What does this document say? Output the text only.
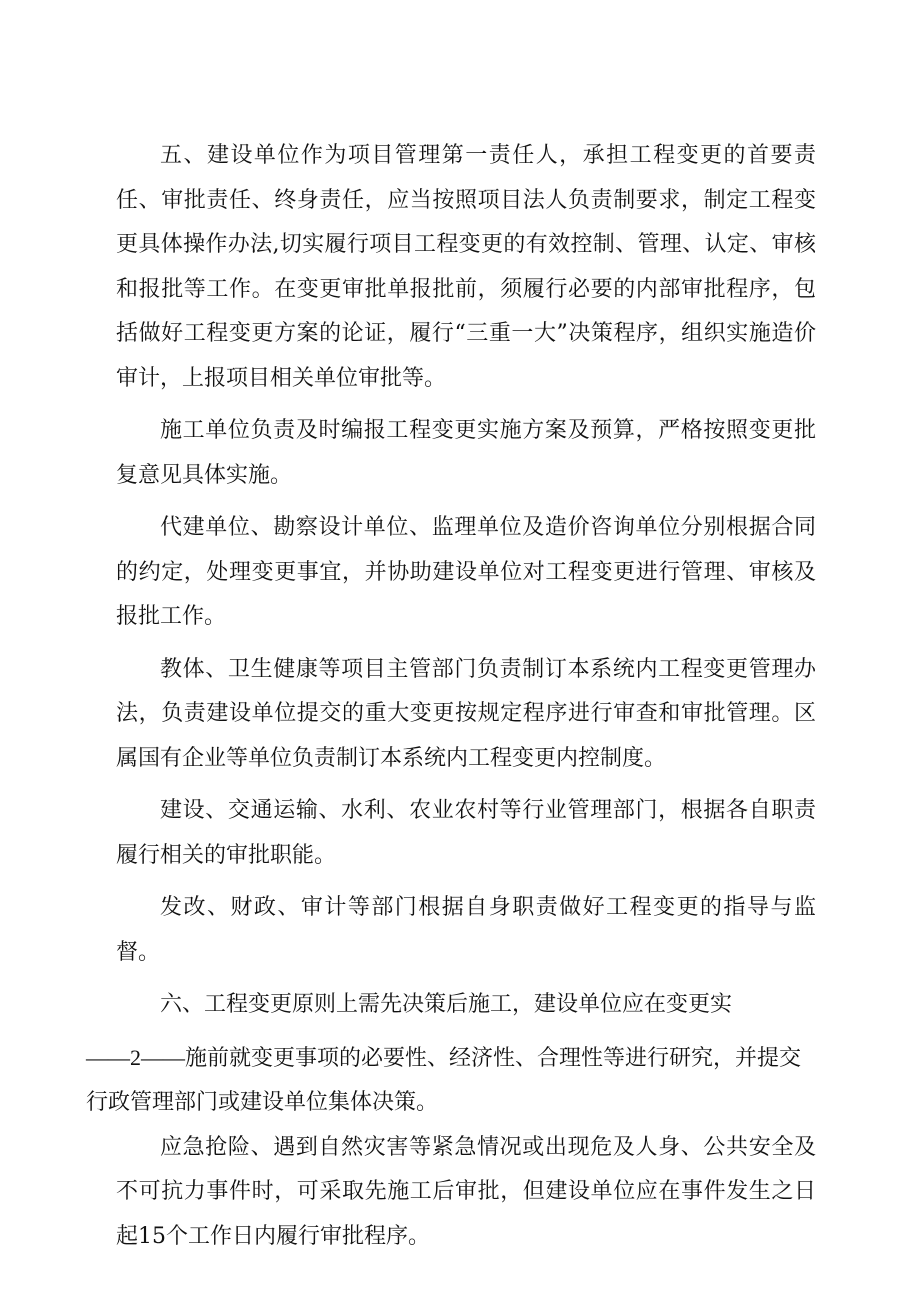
五、建设单位作为项目管理第一责任人，承担工程变更的首要责任、审批责任、终身责任，应当按照项目法人负责制要求，制定工程变更具体操作办法,切实履行项目工程变更的有效控制、管理、认定、审核和报批等工作。在变更审批单报批前，须履行必要的内部审批程序，包括做好工程变更方案的论证，履行“三重一大”决策程序，组织实施造价审计，上报项目相关单位审批等。

施工单位负责及时编报工程变更实施方案及预算，严格按照变更批复意见具体实施。

代建单位、勘察设计单位、监理单位及造价咨询单位分别根据合同的约定，处理变更事宜，并协助建设单位对工程变更进行管理、审核及报批工作。

教体、卫生健康等项目主管部门负责制订本系统内工程变更管理办法，负责建设单位提交的重大变更按规定程序进行审查和审批管理。区属国有企业等单位负责制订本系统内工程变更内控制度。

建设、交通运输、水利、农业农村等行业管理部门，根据各自职责履行相关的审批职能。

发改、财政、审计等部门根据自身职责做好工程变更的指导与监督。

六、工程变更原则上需先决策后施工，建设单位应在变更实

——2——施前就变更事项的必要性、经济性、合理性等进行研究，并提交行政管理部门或建设单位集体决策。

应急抢险、遇到自然灾害等紧急情况或出现危及人身、公共安全及不可抗力事件时，可采取先施工后审批，但建设单位应在事件发生之日起15个工作日内履行审批程序。
